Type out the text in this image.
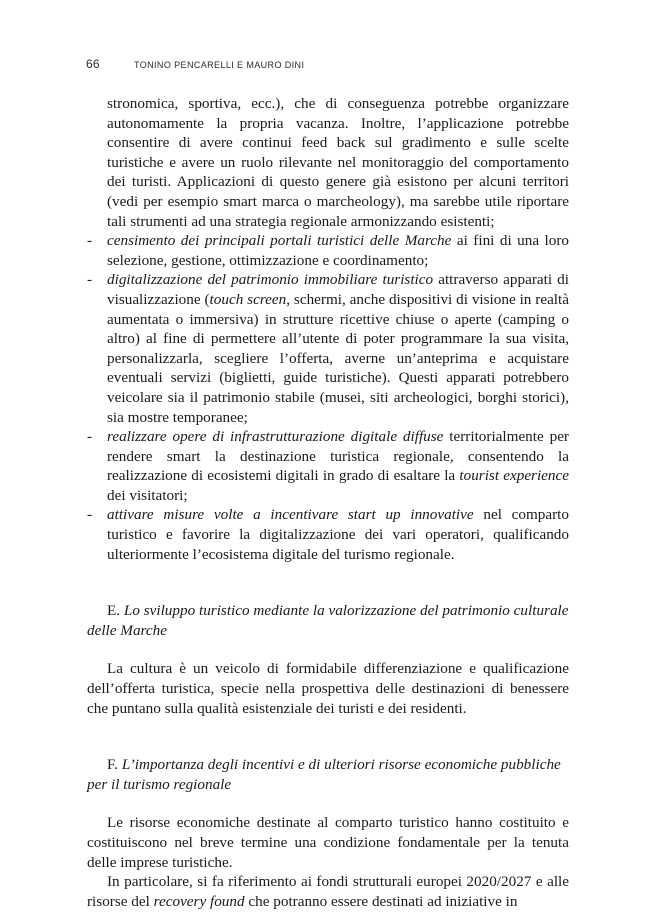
66	TONINO PENCARELLI E MAURO DINI

stronomica, sportiva, ecc.), che di conseguenza potrebbe organizzare autonomamente la propria vacanza. Inoltre, l’applicazione potrebbe consentire di avere continui feed back sul gradimento e sulle scelte turistiche e avere un ruolo rilevante nel monitoraggio del comportamento dei turisti. Applicazioni di questo genere già esistono per alcuni territori (vedi per esempio smart marca o marcheology), ma sarebbe utile riportare tali strumenti ad una strategia regionale armonizzando esistenti;

- censimento dei principali portali turistici delle Marche ai fini di una loro selezione, gestione, ottimizzazione e coordinamento;
- digitalizzazione del patrimonio immobiliare turistico attraverso apparati di visualizzazione (touch screen, schermi, anche dispositivi di visione in realtà aumentata o immersiva) in strutture ricettive chiuse o aperte (camping o altro) al fine di permettere all’utente di poter programmare la sua visita, personalizzarla, scegliere l’offerta, averne un’anteprima e acquistare eventuali servizi (biglietti, guide turistiche). Questi apparati potrebbero veicolare sia il patrimonio stabile (musei, siti archeologici, borghi storici), sia mostre temporanee;
- realizzare opere di infrastrutturazione digitale diffuse territorialmente per rendere smart la destinazione turistica regionale, consentendo la realizzazione di ecosistemi digitali in grado di esaltare la tourist experience dei visitatori;
- attivare misure volte a incentivare start up innovative nel comparto turistico e favorire la digitalizzazione dei vari operatori, qualificando ulteriormente l’ecosistema digitale del turismo regionale.

E. Lo sviluppo turistico mediante la valorizzazione del patrimonio culturale delle Marche

La cultura è un veicolo di formidabile differenziazione e qualificazione dell’offerta turistica, specie nella prospettiva delle destinazioni di benessere che puntano sulla qualità esistenziale dei turisti e dei residenti.

F. L’importanza degli incentivi e di ulteriori risorse economiche pubbliche per il turismo regionale

Le risorse economiche destinate al comparto turistico hanno costituito e costituiscono nel breve termine una condizione fondamentale per la tenuta delle imprese turistiche.

In particolare, si fa riferimento ai fondi strutturali europei 2020/2027 e alle risorse del recovery found che potranno essere destinati ad iniziative in
